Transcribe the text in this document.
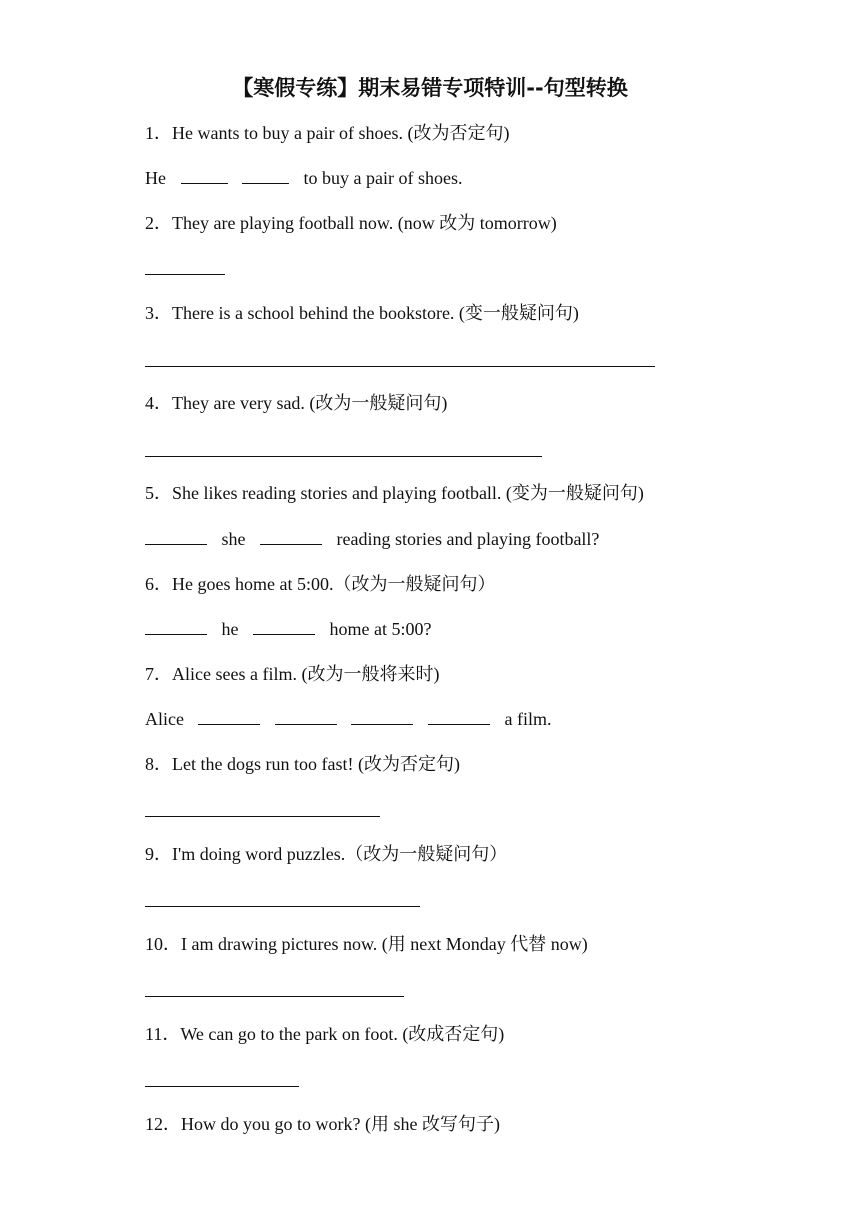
【寒假专练】期末易错专项特训--句型转换
1．He wants to buy a pair of shoes. (改为否定句)
He	to buy a pair of shoes.
2．They are playing football now. (now 改为 tomorrow)
3．There is a school behind the bookstore. (变一般疑问句)
4．They are very sad. (改为一般疑问句)
5．She likes reading stories and playing football. (变为一般疑问句)
she	reading stories and playing football?
6．He goes home at 5:00.（改为一般疑问句）
he	home at 5:00?
7．Alice sees a film. (改为一般将来时)
Alice	a film.
8．Let the dogs run too fast! (改为否定句)
9．I'm doing word puzzles.（改为一般疑问句）
10．I am drawing pictures now. (用 next Monday 代替 now)
11．We can go to the park on foot. (改成否定句)
12．How do you go to work? (用 she 改写句子)
